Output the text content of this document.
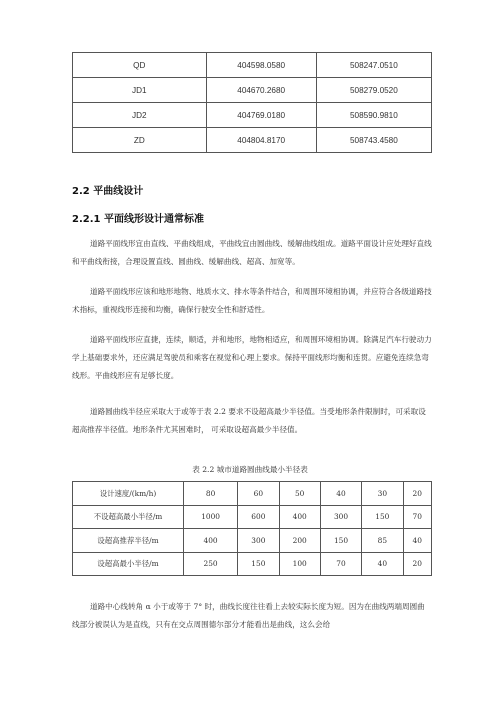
QD	404598.0580	508247.0510
JD1	404670.2680	508279.0520
JD2	404769.0180	508590.9810
ZD	404804.8170	508743.4580
2.2 平曲线设计
2.2.1 平面线形设计通常标准

道路平面线形宜由直线、平曲线组成，平曲线宜由圆曲线、缓解曲线组成。道路平面设计应处理好直线和平曲线衔接，合理设置直线、圆曲线、缓解曲线、超高、加宽等。

道路平面线形应该和地形地物、地质水文、排水等条件结合，和周围环境相协调，并应符合各级道路技术指标，重视线形连接和均衡，确保行驶安全性和舒适性。

道路平面线形应直捷，连续，顺适，并和地形，地物相适应，和周围环境相协调。除满足汽车行驶动力学上基础要求外，还应满足驾驶员和乘客在视觉和心理上要求。保持平面线形均衡和连贯。应避免连续急弯线形。平曲线形应有足够长度。

道路圆曲线半径应采取大于或等于表 2.2 要求不设超高最少半径值。当受地形条件限制时，可采取设超高推荐半径值。地形条件尤其困难时， 可采取设超高最少半径值。

表 2.2 城市道路圆曲线最小半径表
设计速度/(km/h)	80	60	50	40	30	20
不设超高最小半径/m	1000	600	400	300	150	70
设超高推荐半径/m	400	300	200	150	85	40
设超高最小半径/m	250	150	100	70	40	20

道路中心线转角 α 小于或等于 7° 时，曲线长度往往看上去较实际长度为短。因为在曲线两端周圆曲线部分被误认为是直线，只有在交点周围德尔部分才能看出是曲线，这么会给
